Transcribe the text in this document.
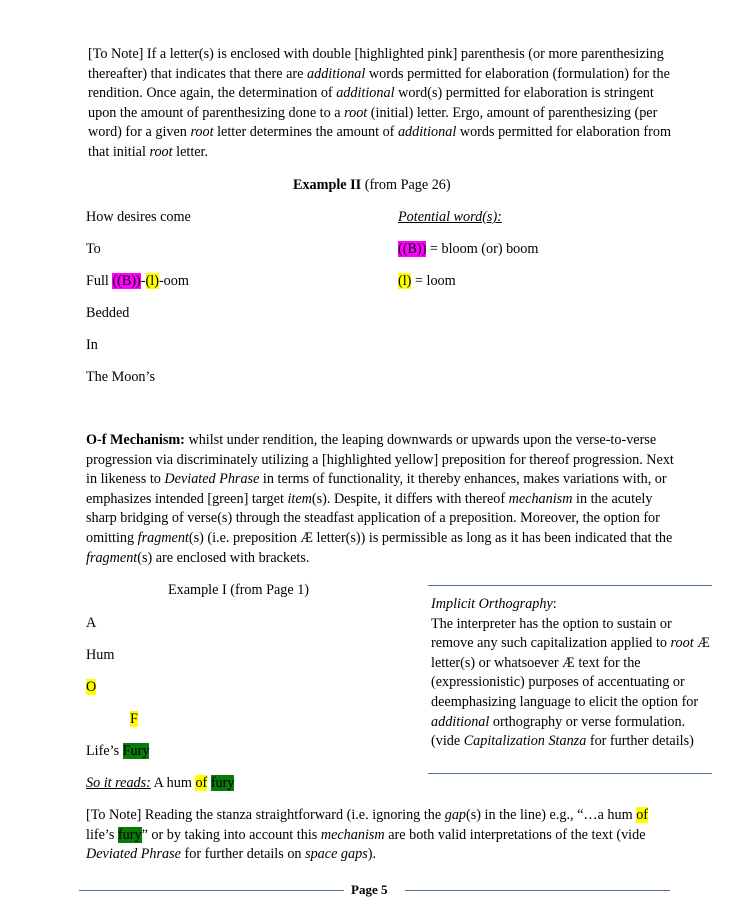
[To Note] If a letter(s) is enclosed with double [highlighted pink] parenthesis (or more parenthesizing thereafter) that indicates that there are additional words permitted for elaboration (formulation) for the rendition. Once again, the determination of additional word(s) permitted for elaboration is stringent upon the amount of parenthesizing done to a root (initial) letter. Ergo, amount of parenthesizing (per word) for a given root letter determines the amount of additional words permitted for elaboration from that initial root letter.
Example II (from Page 26)
How desires come
To
Full ((B))-(l)-oom
Bedded
In
The Moon’s
Potential word(s):
((B)) = bloom (or) boom
(l) = loom
O-f Mechanism: whilst under rendition, the leaping downwards or upwards upon the verse-to-verse progression via discriminately utilizing a [highlighted yellow] preposition for thereof progression. Next in likeness to Deviated Phrase in terms of functionality, it thereby enhances, makes variations with, or emphasizes intended [green] target item(s). Despite, it differs with thereof mechanism in the acutely sharp bridging of verse(s) through the steadfast application of a preposition. Moreover, the option for omitting fragment(s) (i.e. preposition Æ letter(s)) is permissible as long as it has been indicated that the fragment(s) are enclosed with brackets.
Example I (from Page 1)
A
Hum
O
F
Life’s Fury
So it reads: A hum of fury
Implicit Orthography:
The interpreter has the option to sustain or remove any such capitalization applied to root Æ letter(s) or whatsoever Æ text for the (expressionistic) purposes of accentuating or deemphasizing language to elicit the option for additional orthography or verse formulation. (vide Capitalization Stanza for further details)
[To Note] Reading the stanza straightforward (i.e. ignoring the gap(s) in the line) e.g., “…a hum of life’s fury” or by taking into account this mechanism are both valid interpretations of the text (vide Deviated Phrase for further details on space gaps).
Page 5
